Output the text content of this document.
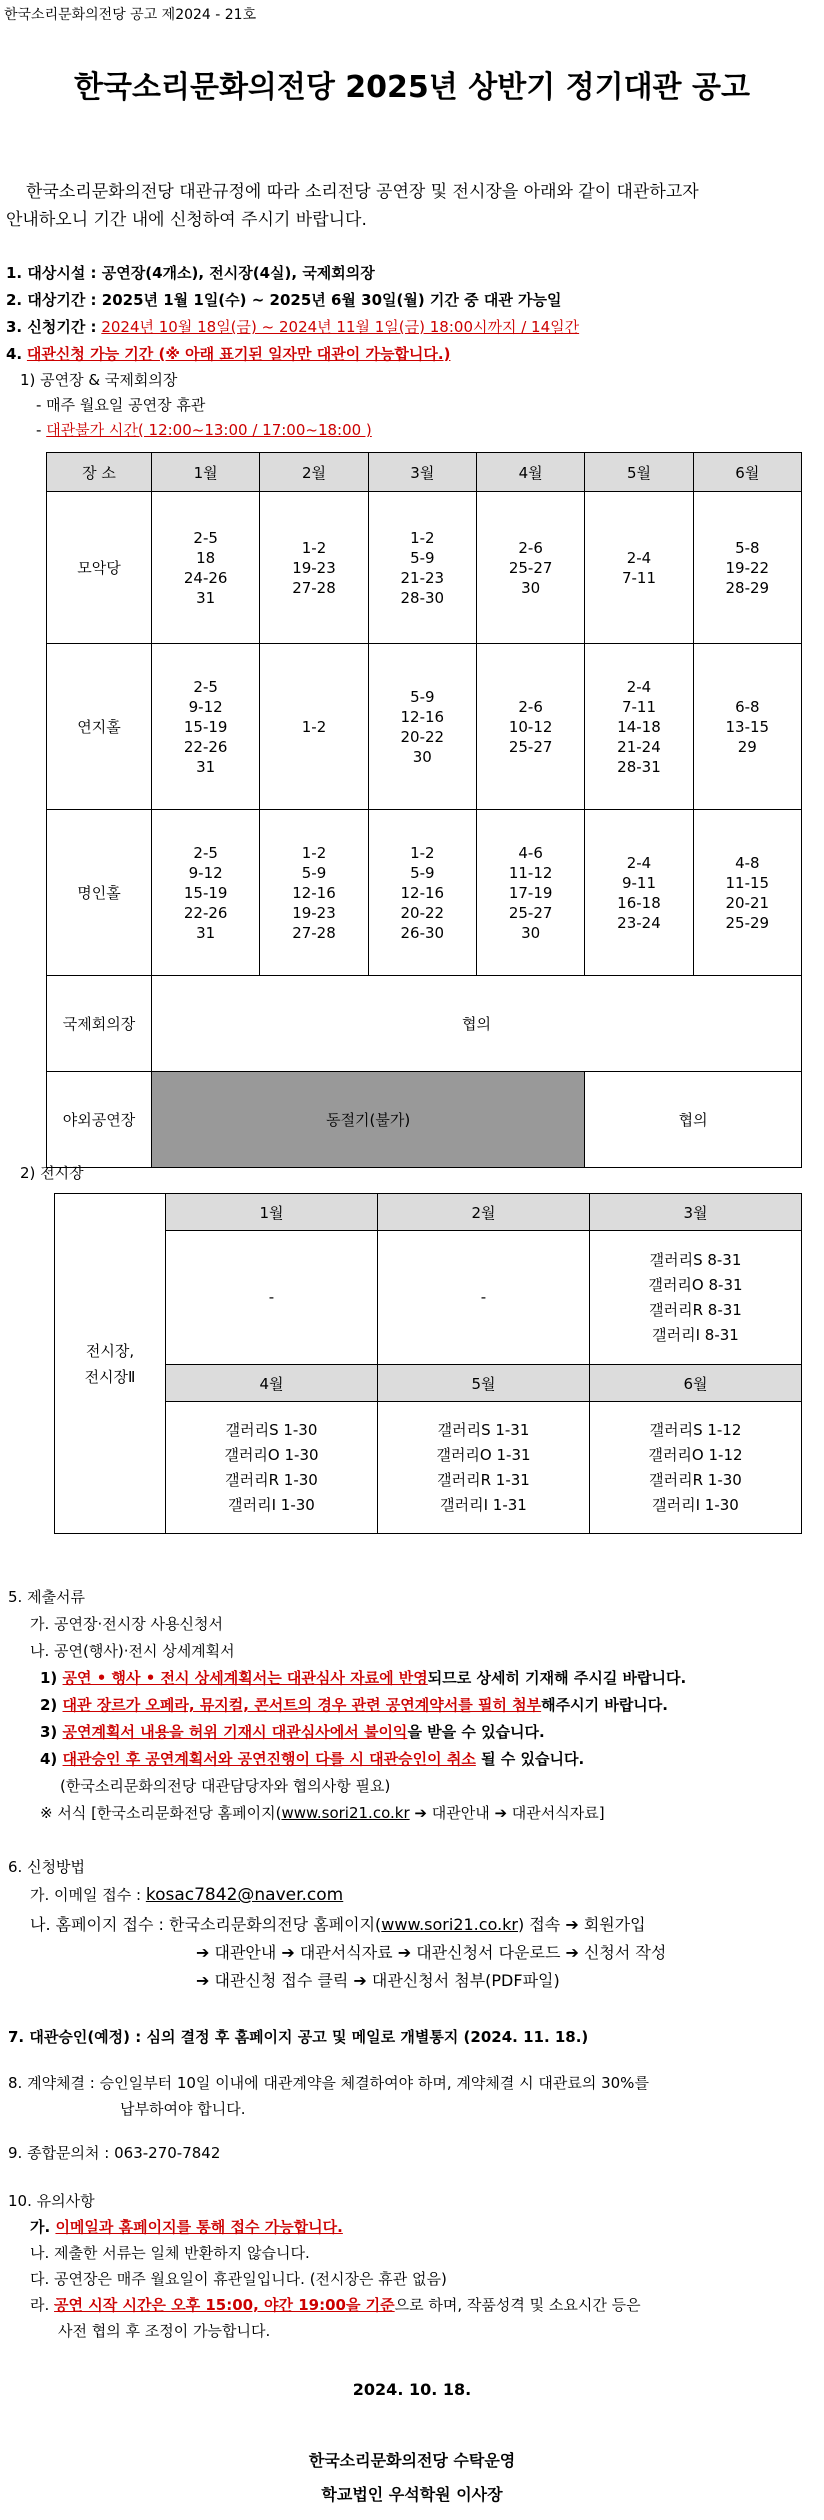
한국소리문화의전당 공고 제2024 - 21호
한국소리문화의전당 2025년 상반기 정기대관 공고

한국소리문화의전당 대관규정에 따라 소리전당 공연장 및 전시장을 아래와 같이 대관하고자

안내하오니 기간 내에 신청하여 주시기 바랍니다.

1. 대상시설 : 공연장(4개소), 전시장(4실), 국제회의장
2. 대상기간 : 2025년 1월 1일(수) ~ 2025년 6월 30일(월) 기간 중 대관 가능일
3. 신청기간 : 2024년 10월 18일(금) ~ 2024년 11월 1일(금) 18:00시까지 / 14일간
4. 대관신청 가능 기간 (※ 아래 표기된 일자만 대관이 가능합니다.)
1) 공연장 & 국제회의장
- 매주 월요일 공연장 휴관
- 대관불가 시간( 12:00~13:00 / 17:00~18:00 )
장 소	1월	2월	3월	4월	5월	6월
모악당	2-5
18
24-26
31	1-2
19-23
27-28	1-2
5-9
21-23
28-30	2-6
25-27
30	2-4
7-11	5-8
19-22
28-29
연지홀	2-5
9-12
15-19
22-26
31	1-2	5-9
12-16
20-22
30	2-6
10-12
25-27	2-4
7-11
14-18
21-24
28-31	6-8
13-15
29
명인홀	2-5
9-12
15-19
22-26
31	1-2
5-9
12-16
19-23
27-28	1-2
5-9
12-16
20-22
26-30	4-6
11-12
17-19
25-27
30	2-4
9-11
16-18
23-24	4-8
11-15
20-21
25-29
국제회의장	협의					
야외공연장	동절기(불가)				협의	
2) 전시장
전시장,
전시장Ⅱ	1월	2월	3월
	-	-	갤러리S 8-31
갤러리O 8-31
갤러리R 8-31
갤러리I 8-31
	4월	5월	6월
	갤러리S 1-30
갤러리O 1-30
갤러리R 1-30
갤러리I 1-30	갤러리S 1-31
갤러리O 1-31
갤러리R 1-31
갤러리I 1-31	갤러리S 1-12
갤러리O 1-12
갤러리R 1-30
갤러리I 1-30
5. 제출서류
가. 공연장·전시장 사용신청서
나. 공연(행사)·전시 상세계획서
1) 공연 • 행사 • 전시 상세계획서는 대관심사 자료에 반영되므로 상세히 기재해 주시길 바랍니다.
2) 대관 장르가 오페라, 뮤지컬, 콘서트의 경우 관련 공연계약서를 필히 첨부해주시기 바랍니다.
3) 공연계획서 내용을 허위 기재시 대관심사에서 불이익을 받을 수 있습니다.
4) 대관승인 후 공연계획서와 공연진행이 다를 시 대관승인이 취소 될 수 있습니다.
(한국소리문화의전당 대관담당자와 협의사항 필요)
※ 서식 [한국소리문화전당 홈페이지(www.sori21.co.kr ➔ 대관안내 ➔ 대관서식자료]
6. 신청방법
가. 이메일 접수 : kosac7842@naver.com
나. 홈페이지 접수 : 한국소리문화의전당 홈페이지(www.sori21.co.kr) 접속 ➔ 회원가입
➔ 대관안내 ➔ 대관서식자료 ➔ 대관신청서 다운로드 ➔ 신청서 작성
➔ 대관신청 접수 클릭 ➔ 대관신청서 첨부(PDF파일)
7. 대관승인(예정) : 심의 결정 후 홈페이지 공고 및 메일로 개별통지 (2024. 11. 18.)
8. 계약체결 : 승인일부터 10일 이내에 대관계약을 체결하여야 하며, 계약체결 시 대관료의 30%를
납부하여야 합니다.
9. 종합문의처 : 063-270-7842
10. 유의사항
가. 이메일과 홈페이지를 통해 접수 가능합니다.
나. 제출한 서류는 일체 반환하지 않습니다.
다. 공연장은 매주 월요일이 휴관일입니다. (전시장은 휴관 없음)
라. 공연 시작 시간은 오후 15:00, 야간 19:00을 기준으로 하며, 작품성격 및 소요시간 등은
사전 협의 후 조정이 가능합니다.
2024. 10. 18.
한국소리문화의전당 수탁운영
학교법인 우석학원 이사장
